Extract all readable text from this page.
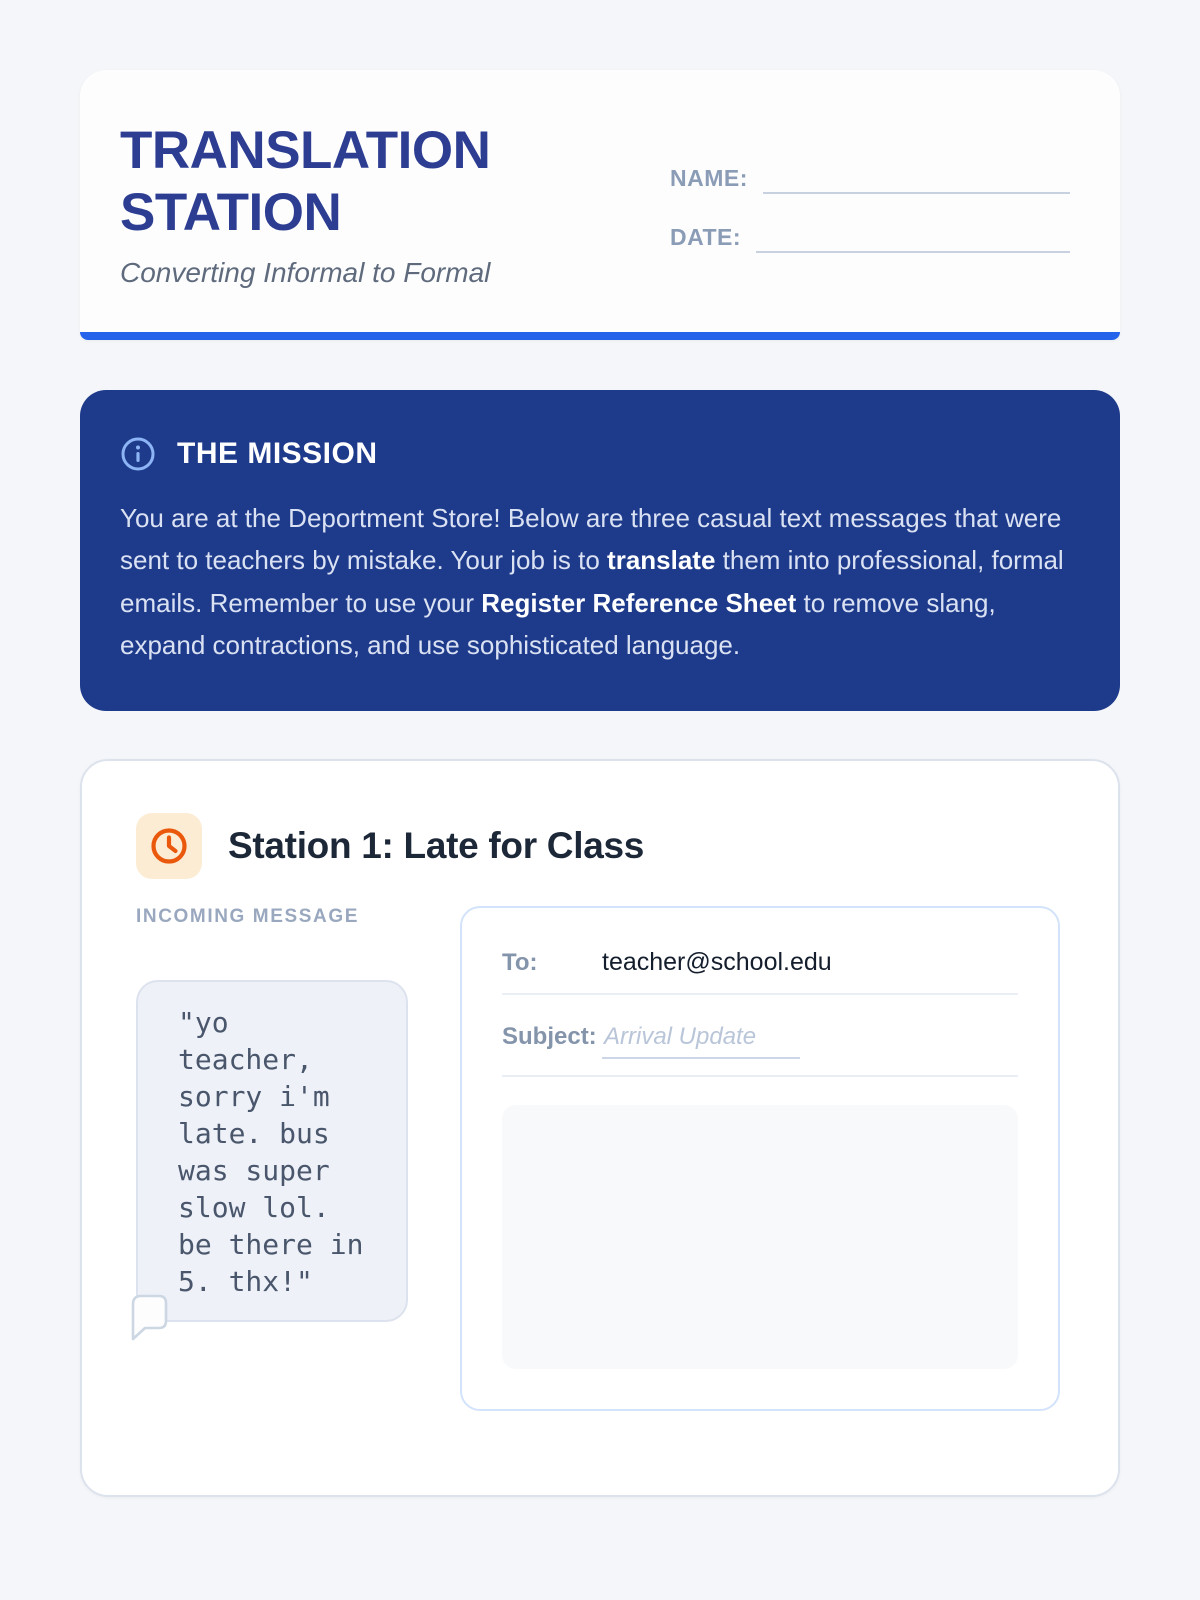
TRANSLATION
STATION
Converting Informal to Formal
NAME:
DATE:
THE MISSION

You are at the Deportment Store! Below are three casual text messages that were sent to teachers by mistake. Your job is to translate them into professional, formal emails. Remember to use your Register Reference Sheet to remove slang, expand contractions, and use sophisticated language.

Station 1: Late for Class
INCOMING MESSAGE

"yo teacher, sorry i'm late. bus was super slow lol. be there in 5. thx!"

To:	teacher@school.edu
Subject: Arrival Update
